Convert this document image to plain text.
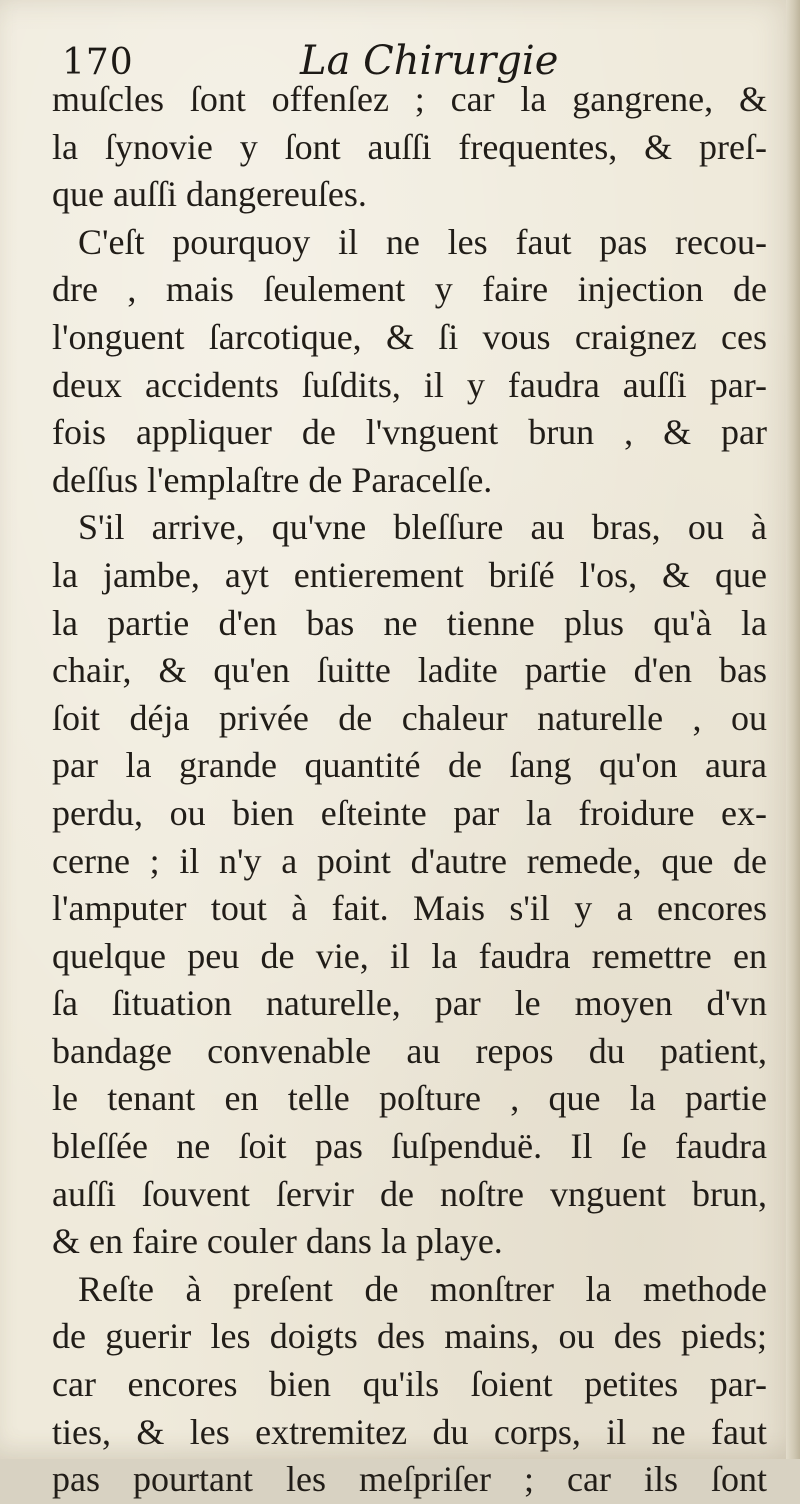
170	La Chirurgie
muſcles ſont offenſez ; car la gangrene, &
la ſynovie y ſont auſſi frequentes, & preſ-
que auſſi dangereuſes.
C'eſt pourquoy il ne les faut pas recou-
dre , mais ſeulement y faire injection de
l'onguent ſarcotique, & ſi vous craignez ces
deux accidents ſuſdits, il y faudra auſſi par-
fois appliquer de l'vnguent brun , & par
deſſus l'emplaſtre de Paracelſe.
S'il arrive, qu'vne bleſſure au bras, ou à
la jambe, ayt entierement briſé l'os, & que
la partie d'en bas ne tienne plus qu'à la
chair, & qu'en ſuitte ladite partie d'en bas
ſoit déja privée de chaleur naturelle , ou
par la grande quantité de ſang qu'on aura
perdu, ou bien eſteinte par la froidure ex-
cerne ; il n'y a point d'autre remede, que de
l'amputer tout à fait. Mais s'il y a encores
quelque peu de vie, il la faudra remettre en
ſa ſituation naturelle, par le moyen d'vn
bandage convenable au repos du patient,
le tenant en telle poſture , que la partie
bleſſée ne ſoit pas ſuſpenduë. Il ſe faudra
auſſi ſouvent ſervir de noſtre vnguent brun,
& en faire couler dans la playe.
Reſte à preſent de monſtrer la methode
de guerir les doigts des mains, ou des pieds;
car encores bien qu'ils ſoient petites par-
ties, & les extremitez du corps, il ne faut
pas pourtant les meſpriſer ; car ils ſont
